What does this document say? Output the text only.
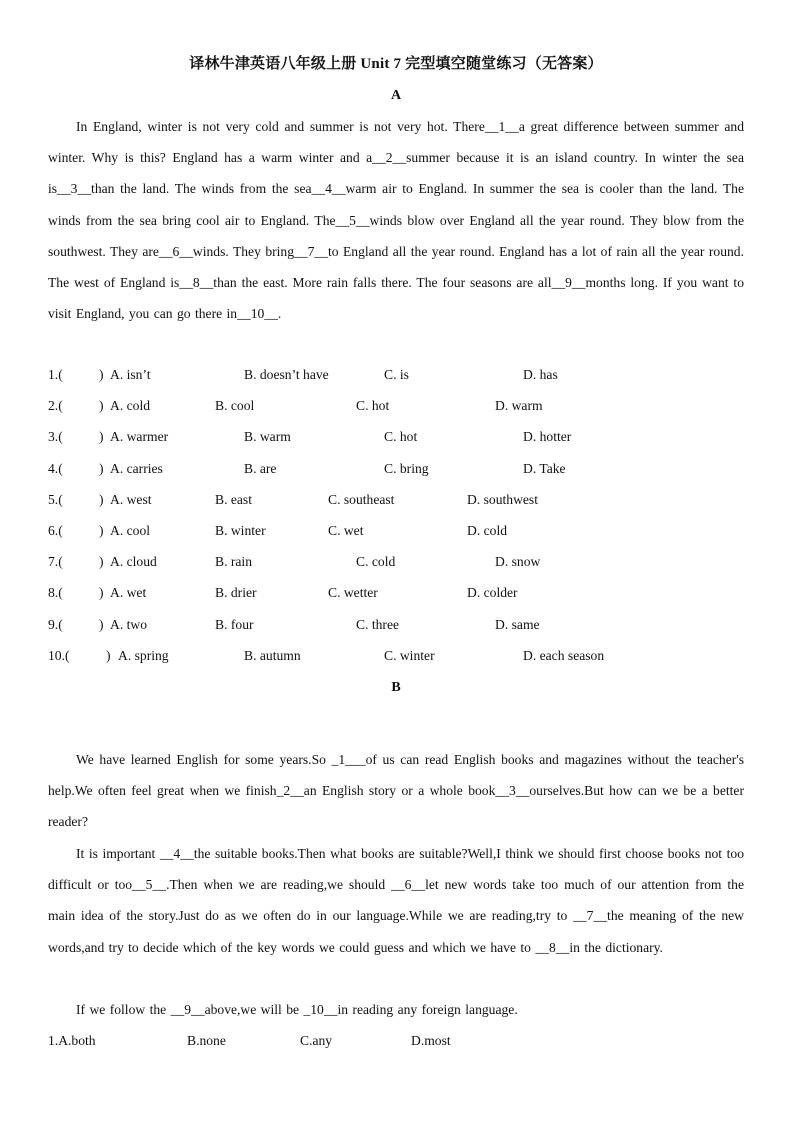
译林牛津英语八年级上册 Unit 7 完型填空随堂练习（无答案）
A
In England, winter is not very cold and summer is not very hot. There__1__a great difference between summer and winter. Why is this? England has a warm winter and a__2__summer because it is an island country. In winter the sea is__3__than the land. The winds from the sea__4__warm air to England. In summer the sea is cooler than the land. The winds from the sea bring cool air to England. The__5__winds blow over England all the year round. They blow from the southwest. They are__6__winds. They bring__7__to England all the year round. England has a lot of rain all the year round. The west of England is__8__than the east. More rain falls there. The four seasons are all__9__months long. If you want to visit England, you can go there in__10__.
1.(	) A. isn’t	B. doesn’t have	C. is	D. has
2.(	) A. cold	B. cool	C. hot	D. warm
3.(	) A. warmer	B. warm	C. hot	D. hotter
4.(	) A. carries	B. are	C. bring	D. Take
5.(	) A. west	B. east	C. southeast	D. southwest
6.(	) A. cool	B. winter	C. wet	D. cold
7.(	) A. cloud	B. rain	C. cold	D. snow
8.(	) A. wet	B. drier	C. wetter	D. colder
9.(	) A. two	B. four	C. three	D. same
10.(	) A. spring	B. autumn	C. winter	D. each season
B
We have learned English for some years.So _1___of us can read English books and magazines without the teacher's help.We often feel great when we finish_2__an English story or a whole book__3__ourselves.But how can we be a better reader?
It is important __4__the suitable books.Then what books are suitable?Well,I think we should first choose books not too difficult or too__5__.Then when we are reading,we should __6__let new words take too much of our attention from the main idea of the story.Just do as we often do in our language.While we are reading,try to __7__the meaning of the new words,and try to decide which of the key words we could guess and which we have to __8__in the dictionary.
If we follow the __9__above,we will be _10__in reading any foreign language.
1.A.both	B.none	C.any	D.most
